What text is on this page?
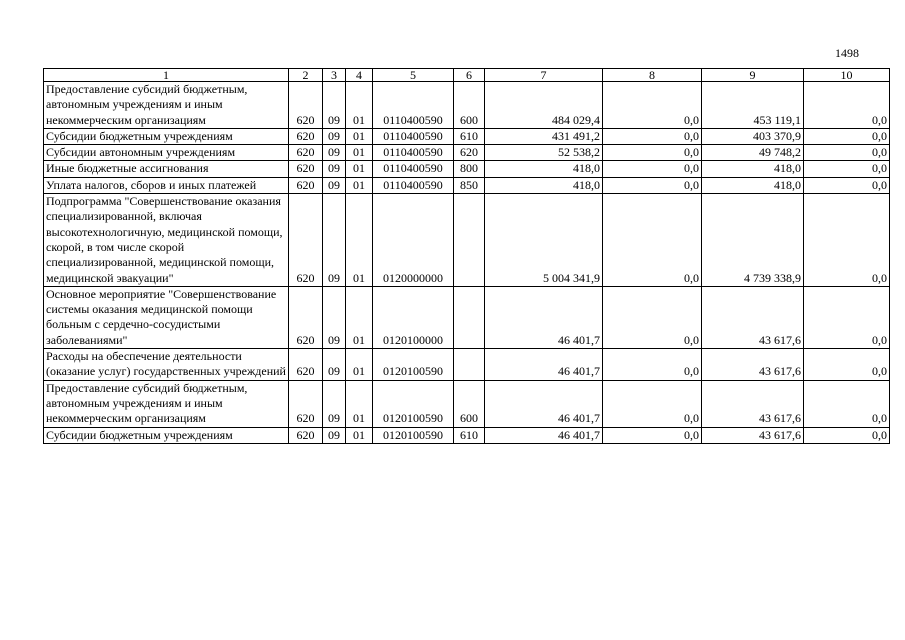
1498
1	2	3	4	5	6	7	8	9	10
Предоставление субсидий бюджетным, автономным учреждениям и иным некоммерческим организациям	620	09	01	0110400590	600	484 029,4	0,0	453 119,1	0,0
Субсидии бюджетным учреждениям	620	09	01	0110400590	610	431 491,2	0,0	403 370,9	0,0
Субсидии автономным учреждениям	620	09	01	0110400590	620	52 538,2	0,0	49 748,2	0,0
Иные бюджетные ассигнования	620	09	01	0110400590	800	418,0	0,0	418,0	0,0
Уплата налогов, сборов и иных платежей	620	09	01	0110400590	850	418,0	0,0	418,0	0,0
Подпрограмма "Совершенствование оказания специализированной, включая высокотехнологичную, медицинской помощи, скорой, в том числе скорой специализированной, медицинской помощи, медицинской эвакуации"	620	09	01	0120000000		5 004 341,9	0,0	4 739 338,9	0,0
Основное мероприятие "Совершенствование системы оказания медицинской помощи больным с сердечно-сосудистыми заболеваниями"	620	09	01	0120100000		46 401,7	0,0	43 617,6	0,0
Расходы на обеспечение деятельности (оказание услуг) государственных учреждений	620	09	01	0120100590		46 401,7	0,0	43 617,6	0,0
Предоставление субсидий бюджетным, автономным учреждениям и иным некоммерческим организациям	620	09	01	0120100590	600	46 401,7	0,0	43 617,6	0,0
Субсидии бюджетным учреждениям	620	09	01	0120100590	610	46 401,7	0,0	43 617,6	0,0
